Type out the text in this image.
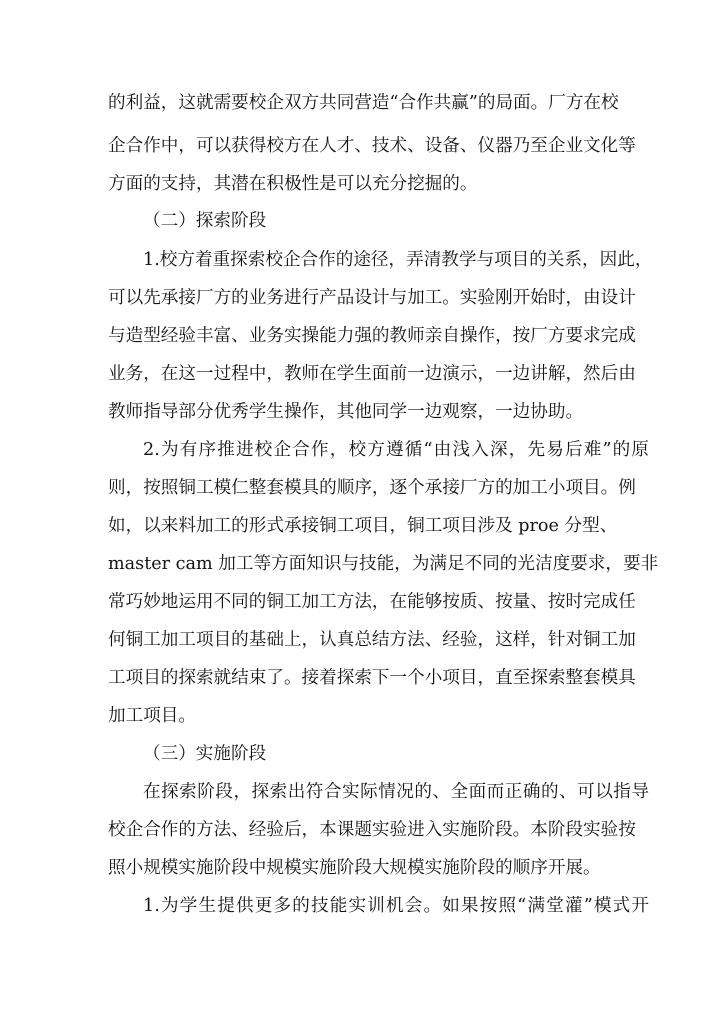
的利益，这就需要校企双方共同营造“合作共赢”的局面。厂方在校
企合作中，可以获得校方在人才、技术、设备、仪器乃至企业文化等
方面的支持，其潜在积极性是可以充分挖掘的。
（二）探索阶段
1.校方着重探索校企合作的途径，弄清教学与项目的关系，因此，
可以先承接厂方的业务进行产品设计与加工。实验刚开始时，由设计
与造型经验丰富、业务实操能力强的教师亲自操作，按厂方要求完成
业务，在这一过程中，教师在学生面前一边演示，一边讲解，然后由
教师指导部分优秀学生操作，其他同学一边观察，一边协助。
2.为有序推进校企合作，校方遵循“由浅入深，先易后难”的原
则，按照铜工模仁整套模具的顺序，逐个承接厂方的加工小项目。例
如，以来料加工的形式承接铜工项目，铜工项目涉及 proe 分型、
master cam 加工等方面知识与技能，为满足不同的光洁度要求，要非
常巧妙地运用不同的铜工加工方法，在能够按质、按量、按时完成任
何铜工加工项目的基础上，认真总结方法、经验，这样，针对铜工加
工项目的探索就结束了。接着探索下一个小项目，直至探索整套模具
加工项目。
（三）实施阶段
在探索阶段，探索出符合实际情况的、全面而正确的、可以指导
校企合作的方法、经验后，本课题实验进入实施阶段。本阶段实验按
照小规模实施阶段中规模实施阶段大规模实施阶段的顺序开展。
1.为学生提供更多的技能实训机会。如果按照“满堂灌”模式开
